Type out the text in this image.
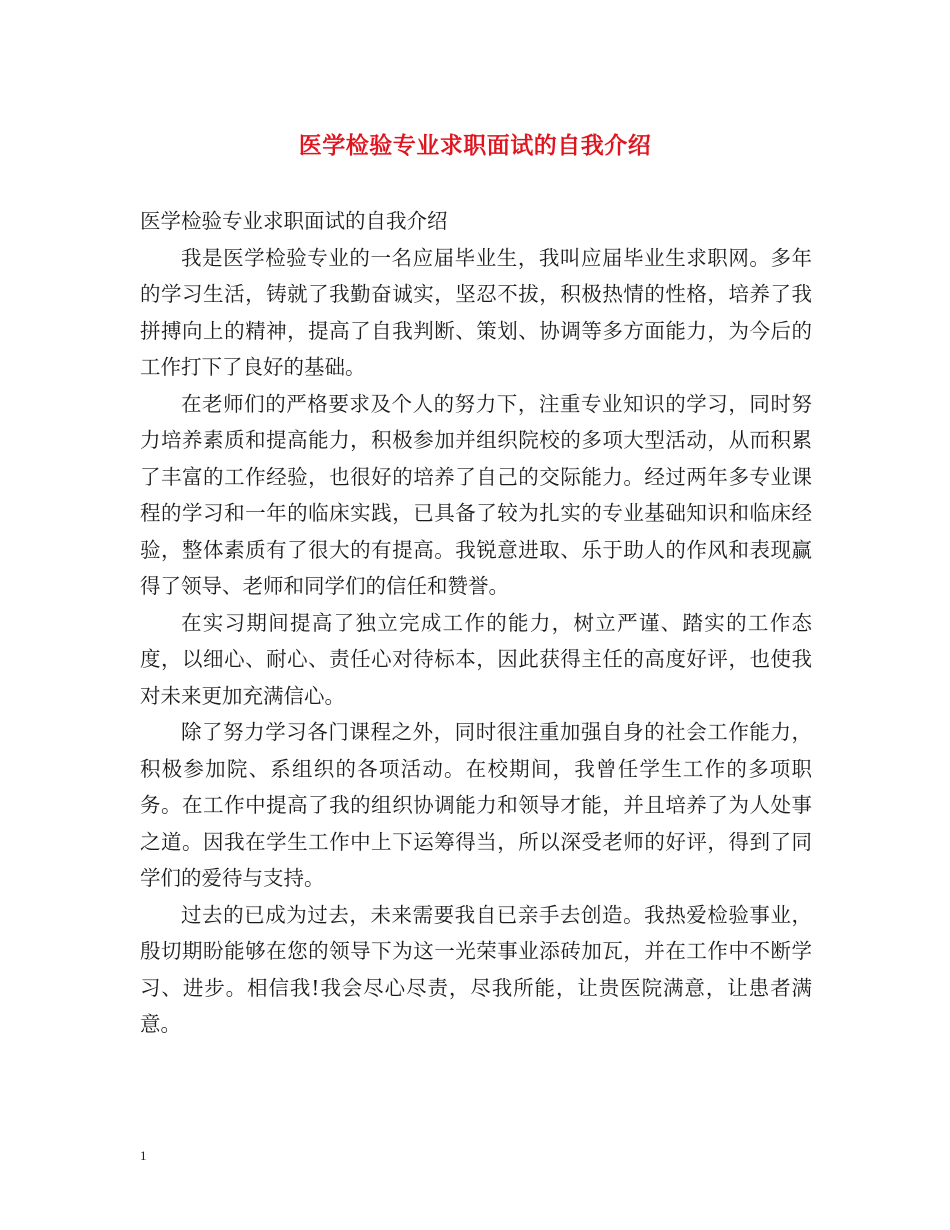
医学检验专业求职面试的自我介绍

医学检验专业求职面试的自我介绍

我是医学检验专业的一名应届毕业生，我叫应届毕业生求职网。多年的学习生活，铸就了我勤奋诚实，坚忍不拔，积极热情的性格，培养了我拼搏向上的精神，提高了自我判断、策划、协调等多方面能力，为今后的工作打下了良好的基础。

在老师们的严格要求及个人的努力下，注重专业知识的学习，同时努力培养素质和提高能力，积极参加并组织院校的多项大型活动，从而积累了丰富的工作经验，也很好的培养了自己的交际能力。经过两年多专业课程的学习和一年的临床实践，已具备了较为扎实的专业基础知识和临床经验，整体素质有了很大的有提高。我锐意进取、乐于助人的作风和表现赢得了领导、老师和同学们的信任和赞誉。

在实习期间提高了独立完成工作的能力，树立严谨、踏实的工作态度，以细心、耐心、责任心对待标本，因此获得主任的高度好评，也使我对未来更加充满信心。

除了努力学习各门课程之外，同时很注重加强自身的社会工作能力，积极参加院、系组织的各项活动。在校期间，我曾任学生工作的多项职务。在工作中提高了我的组织协调能力和领导才能，并且培养了为人处事之道。因我在学生工作中上下运筹得当，所以深受老师的好评，得到了同学们的爱待与支持。

过去的已成为过去，未来需要我自已亲手去创造。我热爱检验事业，殷切期盼能够在您的领导下为这一光荣事业添砖加瓦，并在工作中不断学习、进步。相信我!我会尽心尽责，尽我所能，让贵医院满意，让患者满意。

1
